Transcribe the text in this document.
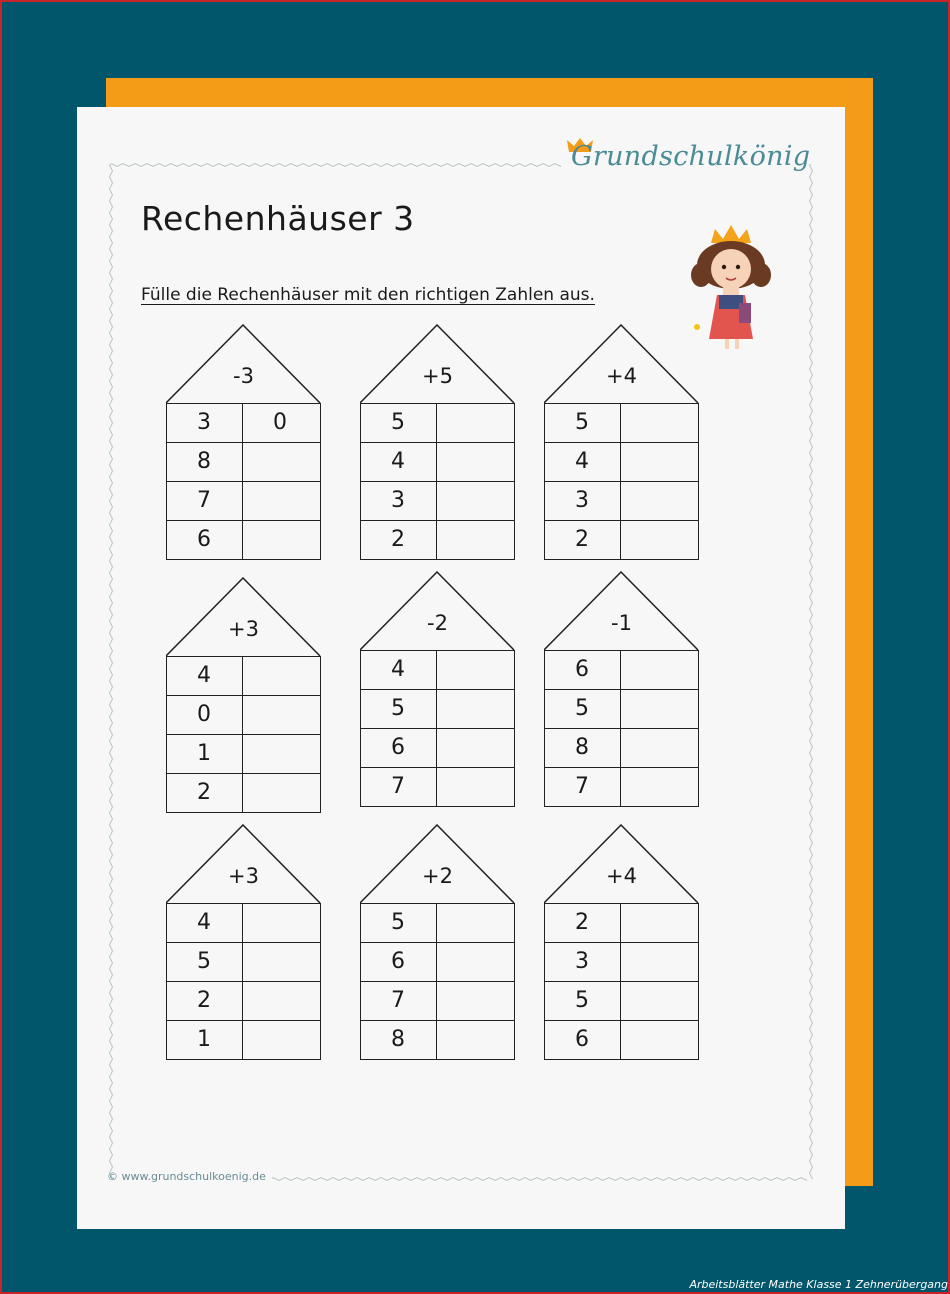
Grundschulkönig
Rechenhäuser 3
Fülle die Rechenhäuser mit den richtigen Zahlen aus.
-3
3	0
8
7
6
+5
5
4
3
2
+4
5
4
3
2
+3
4
0
1
2
-2
4
5
6
7
-1
6
5
8
7
+3
4
5
2
1
+2
5
6
7
8
+4
2
3
5
6
© www.grundschulkoenig.de
Arbeitsblätter Mathe Klasse 1 Zehnerübergang
